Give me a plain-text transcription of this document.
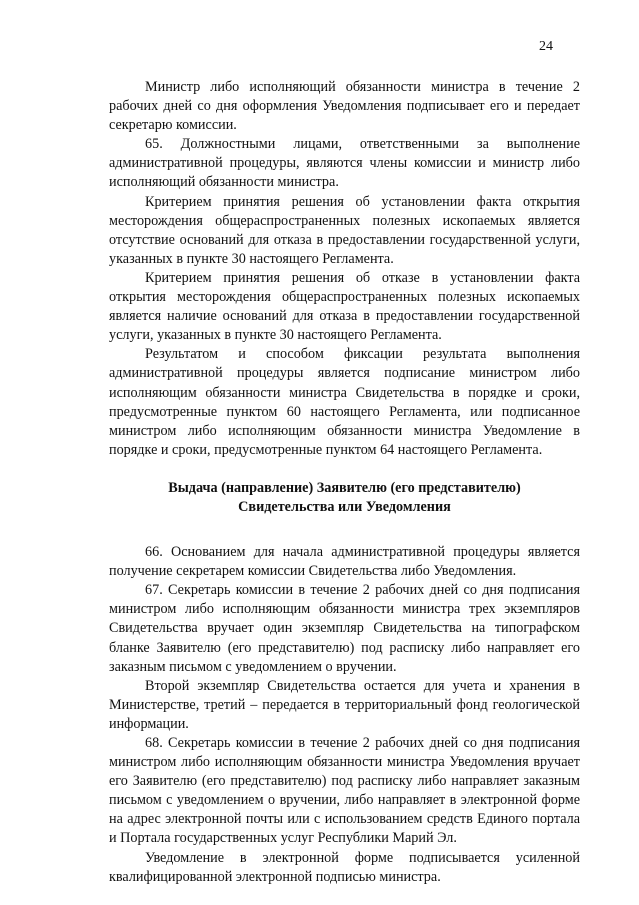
24

Министр либо исполняющий обязанности министра в течение 2 рабочих дней со дня оформления Уведомления подписывает его и передает секретарю комиссии.

65. Должностными лицами, ответственными за выполнение административной процедуры, являются члены комиссии и министр либо исполняющий обязанности министра.

Критерием принятия решения об установлении факта открытия месторождения общераспространенных полезных ископаемых является отсутствие оснований для отказа в предоставлении государственной услуги, указанных в пункте 30 настоящего Регламента.

Критерием принятия решения об отказе в установлении факта открытия месторождения общераспространенных полезных ископаемых является наличие оснований для отказа в предоставлении государственной услуги, указанных в пункте 30 настоящего Регламента.

Результатом и способом фиксации результата выполнения административной процедуры является подписание министром либо исполняющим обязанности министра Свидетельства в порядке и сроки, предусмотренные пунктом 60 настоящего Регламента, или подписанное министром либо исполняющим обязанности министра Уведомление в порядке и сроки, предусмотренные пунктом 64 настоящего Регламента.

Выдача (направление) Заявителю (его представителю)
Свидетельства или Уведомления

66. Основанием для начала административной процедуры является получение секретарем комиссии Свидетельства либо Уведомления.

67. Секретарь комиссии в течение 2 рабочих дней со дня подписания министром либо исполняющим обязанности министра трех экземпляров Свидетельства вручает один экземпляр Свидетельства на типографском бланке Заявителю (его представителю) под расписку либо направляет его заказным письмом с уведомлением о вручении.

Второй экземпляр Свидетельства остается для учета и хранения в Министерстве, третий – передается в территориальный фонд геологической информации.

68. Секретарь комиссии в течение 2 рабочих дней со дня подписания министром либо исполняющим обязанности министра Уведомления вручает его Заявителю (его представителю) под расписку либо направляет заказным письмом с уведомлением о вручении, либо направляет в электронной форме на адрес электронной почты или с использованием средств Единого портала и Портала государственных услуг Республики Марий Эл.

Уведомление в электронной форме подписывается усиленной квалифицированной электронной подписью министра.
